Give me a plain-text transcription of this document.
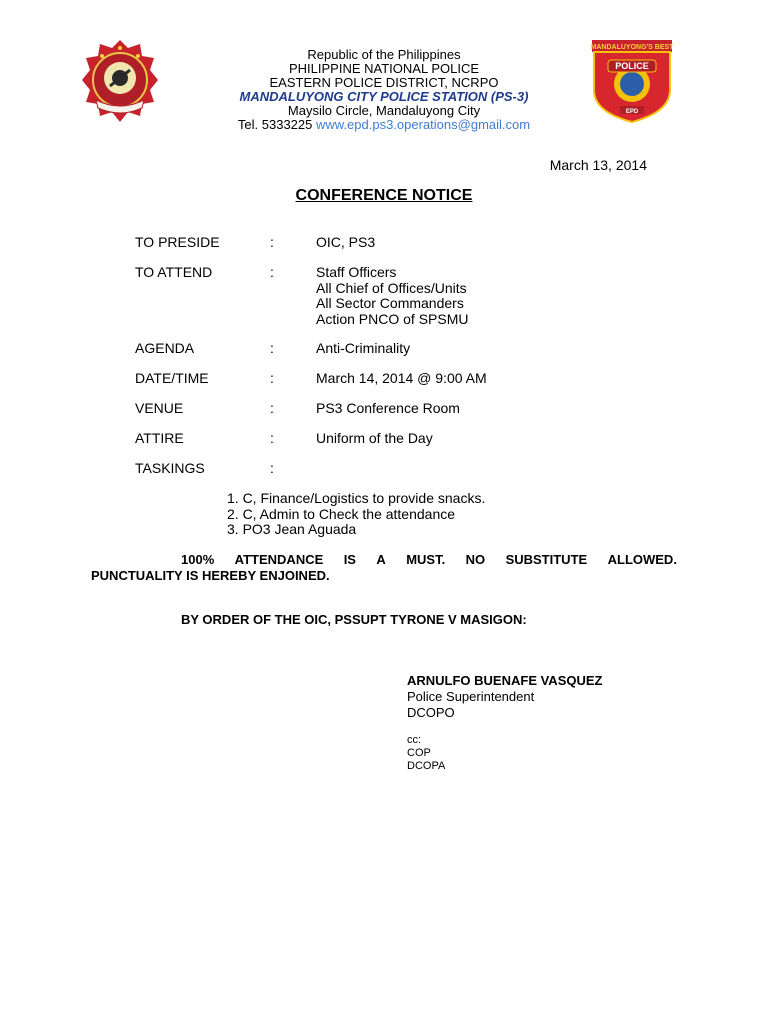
MANDALUYONG'S BEST
POLICE
EPD
Republic of the Philippines
PHILIPPINE NATIONAL POLICE
EASTERN POLICE DISTRICT, NCRPO
MANDALUYONG CITY POLICE STATION (PS-3)
Maysilo Circle, Mandaluyong City
Tel. 5333225 www.epd.ps3.operations@gmail.com
March 13, 2014
CONFERENCE NOTICE
TO PRESIDE	:	OIC, PS3
TO ATTEND	:	Staff Officers
All Chief of Offices/Units
All Sector Commanders
Action PNCO of SPSMU
AGENDA	:	Anti-Criminality
DATE/TIME	:	March 14, 2014 @ 9:00 AM
VENUE	:	PS3 Conference Room
ATTIRE	:	Uniform of the Day
TASKINGS	:
1. C, Finance/Logistics to provide snacks.
2. C, Admin to Check the attendance
3. PO3 Jean Aguada
100% ATTENDANCE IS A MUST. NO SUBSTITUTE ALLOWED.
PUNCTUALITY IS HEREBY ENJOINED.
BY ORDER OF THE OIC, PSSUPT TYRONE V MASIGON:
ARNULFO BUENAFE VASQUEZ
Police Superintendent
DCOPO
cc:
COP
DCOPA
